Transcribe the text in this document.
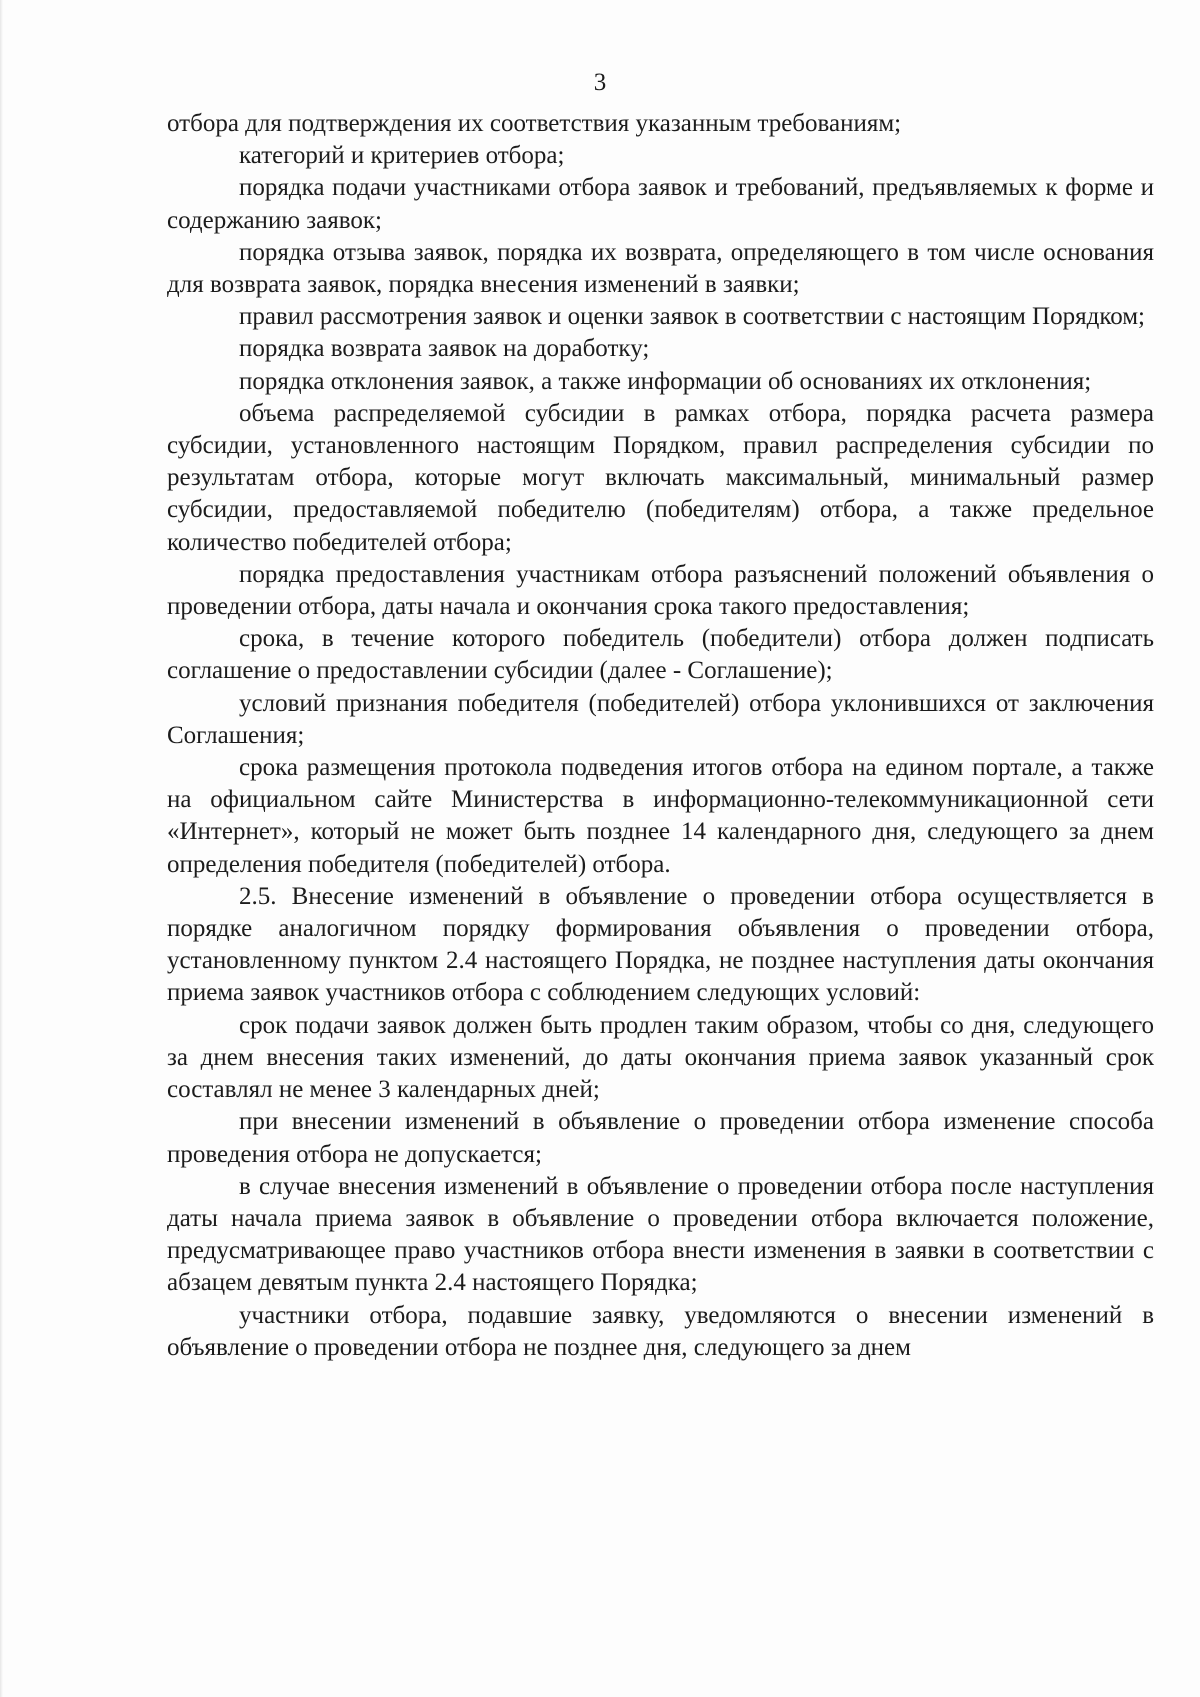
3

отбора для подтверждения их соответствия указанным требованиям;

категорий и критериев отбора;

порядка подачи участниками отбора заявок и требований, предъявляемых к форме и содержанию заявок;

порядка отзыва заявок, порядка их возврата, определяющего в том числе основания для возврата заявок, порядка внесения изменений в заявки;

правил рассмотрения заявок и оценки заявок в соответствии с настоящим Порядком;

порядка возврата заявок на доработку;

порядка отклонения заявок, а также информации об основаниях их отклонения;

объема распределяемой субсидии в рамках отбора, порядка расчета размера субсидии, установленного настоящим Порядком, правил распределения субсидии по результатам отбора, которые могут включать максимальный, минимальный размер субсидии, предоставляемой победителю (победителям) отбора, а также предельное количество победителей отбора;

порядка предоставления участникам отбора разъяснений положений объявления о проведении отбора, даты начала и окончания срока такого предоставления;

срока, в течение которого победитель (победители) отбора должен подписать соглашение о предоставлении субсидии (далее - Соглашение);

условий признания победителя (победителей) отбора уклонившихся от заключения Соглашения;

срока размещения протокола подведения итогов отбора на едином портале, а также на официальном сайте Министерства в информационно-телекоммуникационной сети «Интернет», который не может быть позднее 14 календарного дня, следующего за днем определения победителя (победителей) отбора.

2.5. Внесение изменений в объявление о проведении отбора осуществляется в порядке аналогичном порядку формирования объявления о проведении отбора, установленному пунктом 2.4 настоящего Порядка, не позднее наступления даты окончания приема заявок участников отбора с соблюдением следующих условий:

срок подачи заявок должен быть продлен таким образом, чтобы со дня, следующего за днем внесения таких изменений, до даты окончания приема заявок указанный срок составлял не менее 3 календарных дней;

при внесении изменений в объявление о проведении отбора изменение способа проведения отбора не допускается;

в случае внесения изменений в объявление о проведении отбора после наступления даты начала приема заявок в объявление о проведении отбора включается положение, предусматривающее право участников отбора внести изменения в заявки в соответствии с абзацем девятым пункта 2.4 настоящего Порядка;

участники отбора, подавшие заявку, уведомляются о внесении изменений в объявление о проведении отбора не позднее дня, следующего за днем
